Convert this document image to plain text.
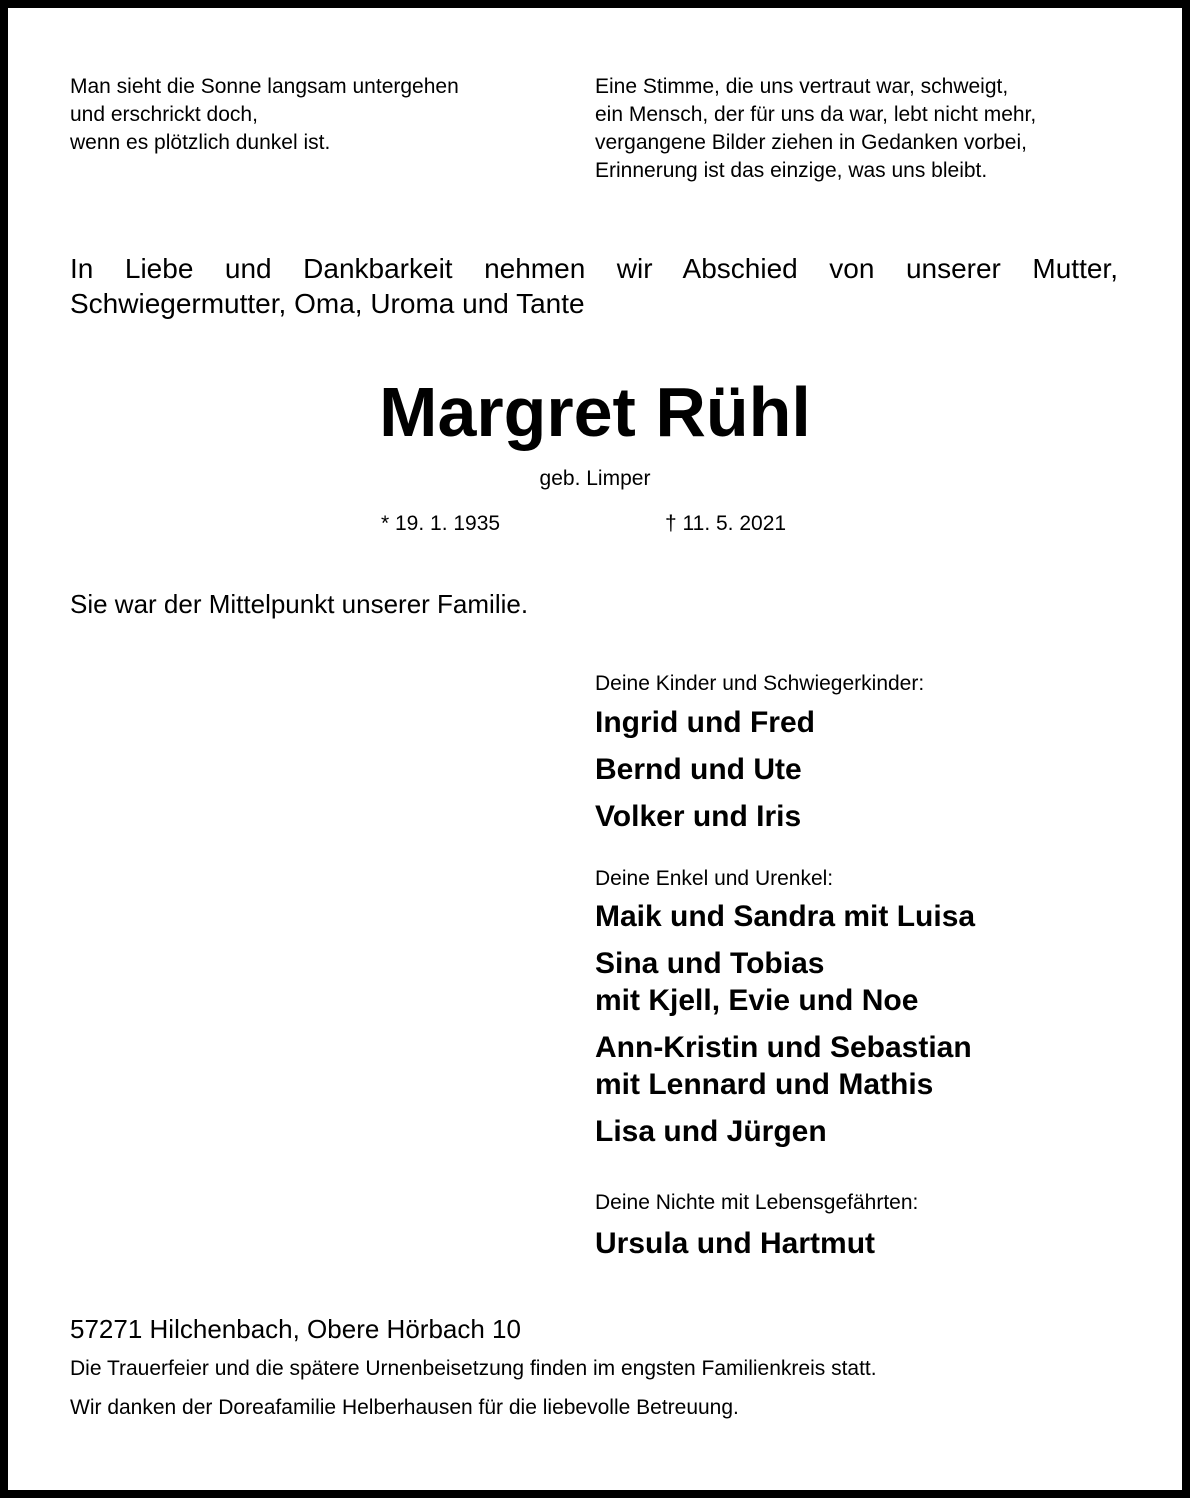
Man sieht die Sonne langsam untergehen
und erschrickt doch,
wenn es plötzlich dunkel ist.
Eine Stimme, die uns vertraut war, schweigt,
ein Mensch, der für uns da war, lebt nicht mehr,
vergangene Bilder ziehen in Gedanken vorbei,
Erinnerung ist das einzige, was uns bleibt.
In Liebe und Dankbarkeit nehmen wir Abschied von unserer Mutter,
Schwiegermutter, Oma, Uroma und Tante
Margret Rühl
geb. Limper
* 19. 1. 1935	† 11. 5. 2021
Sie war der Mittelpunkt unserer Familie.
Deine Kinder und Schwiegerkinder:
Ingrid und Fred
Bernd und Ute
Volker und Iris
Deine Enkel und Urenkel:
Maik und Sandra mit Luisa
Sina und Tobias
mit Kjell, Evie und Noe
Ann-Kristin und Sebastian
mit Lennard und Mathis
Lisa und Jürgen
Deine Nichte mit Lebensgefährten:
Ursula und Hartmut
57271 Hilchenbach, Obere Hörbach 10
Die Trauerfeier und die spätere Urnenbeisetzung finden im engsten Familienkreis statt.
Wir danken der Doreafamilie Helberhausen für die liebevolle Betreuung.
